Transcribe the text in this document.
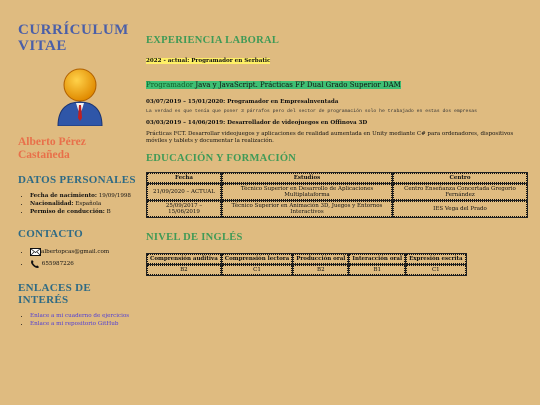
CURRÍCULUM VITAE
Alberto Pérez Castañeda
DATOS PERSONALES
• Fecha de nacimiento: 19/09/1998
• Nacionalidad: Española
• Permiso de conducción: B
CONTACTO
• albertopcas@gmail.com
• 655987226
ENLACES DE INTERÉS
• Enlace a mi cuaderno de ejercicios
• Enlace a mi repositorio GitHub
EXPERIENCIA LABORAL
2022 - actual: Programador en Serbatic
Programador Java y JavaScript. Prácticas FP Dual Grado Superior DAM
03/07/2019 – 15/01/2020: Programador en Empresalnventada
La verdad es que tenía que poner 3 párrafos pero del sector de programación solo he trabajado en estas dos empresas
03/03/2019 – 14/06/2019: Desarrollador de videojuegos en Offinova 3D
Prácticas FCT. Desarrollar videojuegos y aplicaciones de realidad aumentada en Unity mediante C# para ordenadores, dispositivos móviles y tablets y documentar la realización.
EDUCACIÓN Y FORMACIÓN
Fecha	Estudios	Centro
21/09/2020 – ACTUAL	Técnico Superior en Desarrollo de Aplicaciones Multiplataforma	Centro Enseñanza Concertada Gregorio Fernández
25/09/2017 – 15/06/2019	Técnico Superior en Animación 3D, Juegos y Entornos Interactivos	IES Vega del Prado
NIVEL DE INGLÉS
Comprensión auditiva	Comprensión lectora	Producción oral	Interacción oral	Expresión escrita
B2	C1	B2	B1	C1
